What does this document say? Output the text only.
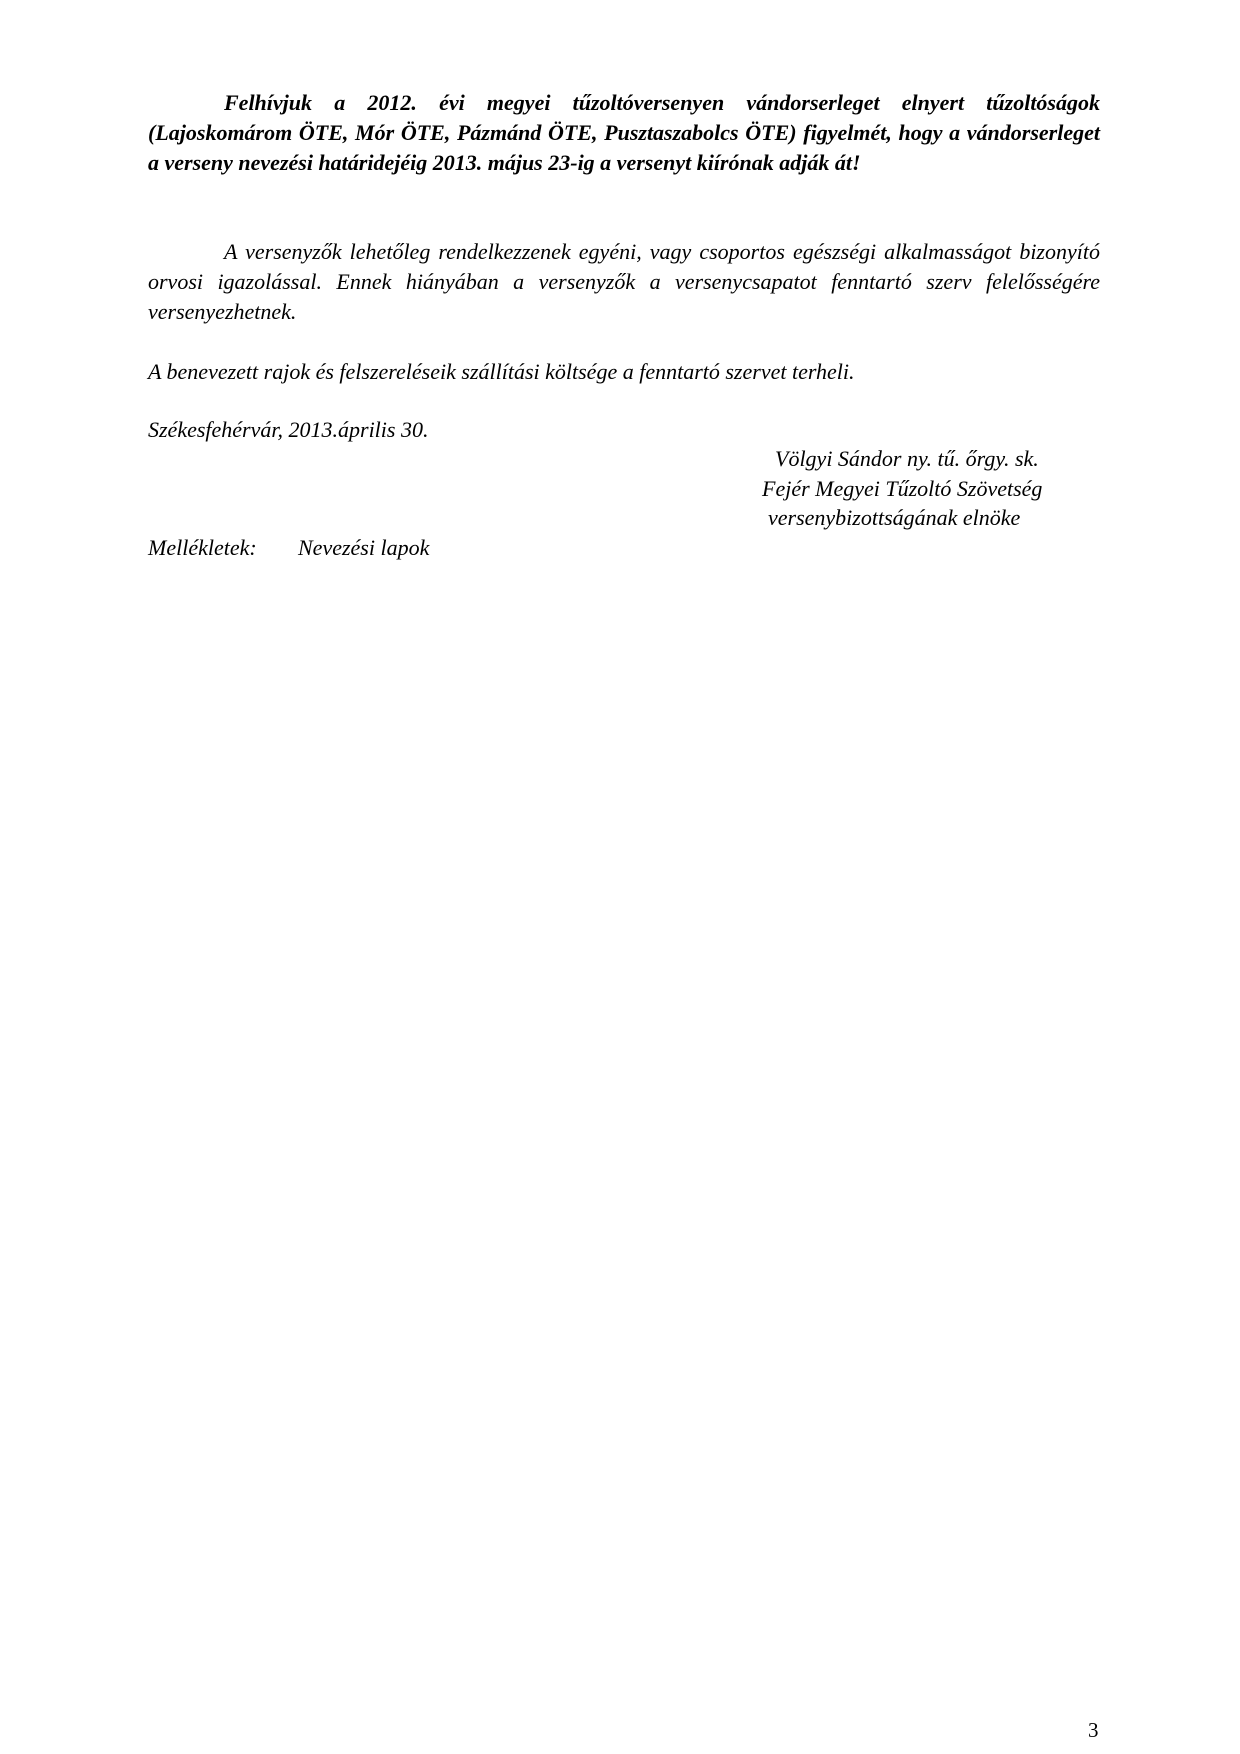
Felhívjuk a 2012. évi megyei tűzoltóversenyen vándorserleget elnyert tűzoltóságok (Lajoskomárom ÖTE, Mór ÖTE, Pázmánd ÖTE, Pusztaszabolcs ÖTE) figyelmét, hogy a vándorserleget a verseny nevezési határidejéig 2013. május 23-ig a versenyt kiírónak adják át!

A versenyzők lehetőleg rendelkezzenek egyéni, vagy csoportos egészségi alkalmasságot bizonyító orvosi igazolással. Ennek hiányában a versenyzők a versenycsapatot fenntartó szerv felelősségére versenyezhetnek.

A benevezett rajok és felszereléseik szállítási költsége a fenntartó szervet terheli.

Székesfehérvár, 2013.április 30.
Völgyi Sándor ny. tű. őrgy. sk.
Fejér Megyei Tűzoltó Szövetség
versenybizottságának elnöke
Mellékletek: Nevezési lapok
3
